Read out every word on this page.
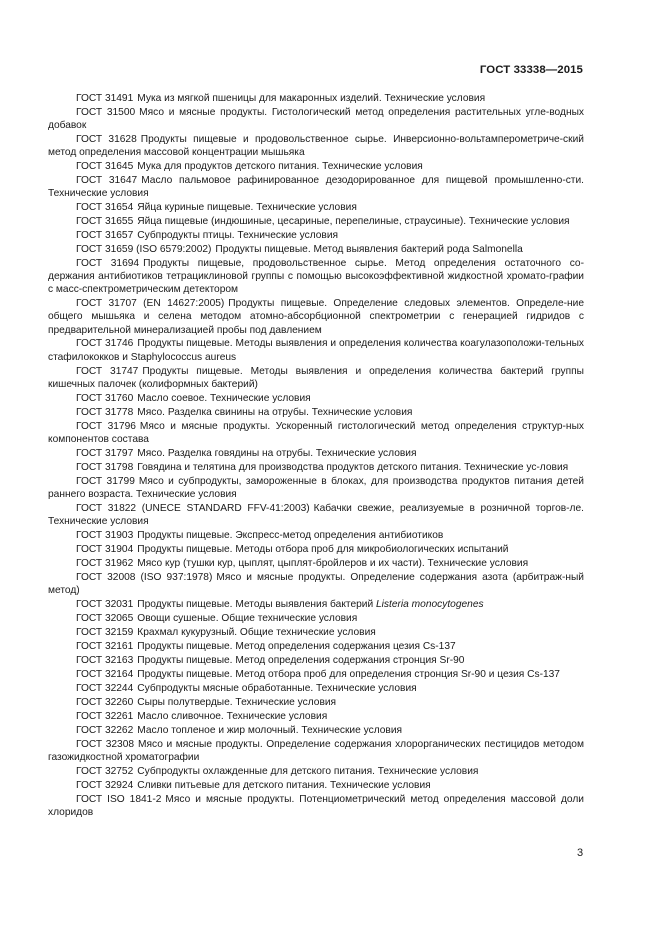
ГОСТ 33338—2015

ГОСТ 31491 Мука из мягкой пшеницы для макаронных изделий. Технические условия

ГОСТ 31500 Мясо и мясные продукты. Гистологический метод определения растительных угле-водных добавок

ГОСТ 31628 Продукты пищевые и продовольственное сырье. Инверсионно-вольтамперометриче-ский метод определения массовой концентрации мышьяка

ГОСТ 31645 Мука для продуктов детского питания. Технические условия

ГОСТ 31647 Масло пальмовое рафинированное дезодорированное для пищевой промышленно-сти. Технические условия

ГОСТ 31654 Яйца куриные пищевые. Технические условия

ГОСТ 31655 Яйца пищевые (индюшиные, цесариные, перепелиные, страусиные). Технические условия

ГОСТ 31657 Субпродукты птицы. Технические условия

ГОСТ 31659 (ISO 6579:2002) Продукты пищевые. Метод выявления бактерий рода Salmonella

ГОСТ 31694 Продукты пищевые, продовольственное сырье. Метод определения остаточного со-держания антибиотиков тетрациклиновой группы с помощью высокоэффективной жидкостной хромато-графии с масс-спектрометрическим детектором

ГОСТ 31707 (EN 14627:2005) Продукты пищевые. Определение следовых элементов. Определе-ние общего мышьяка и селена методом атомно-абсорбционной спектрометрии с генерацией гидридов с предварительной минерализацией пробы под давлением

ГОСТ 31746 Продукты пищевые. Методы выявления и определения количества коагулазоположи-тельных стафилококков и Staphylococcus aureus

ГОСТ 31747 Продукты пищевые. Методы выявления и определения количества бактерий группы кишечных палочек (колиформных бактерий)

ГОСТ 31760 Масло соевое. Технические условия

ГОСТ 31778 Мясо. Разделка свинины на отрубы. Технические условия

ГОСТ 31796 Мясо и мясные продукты. Ускоренный гистологический метод определения структур-ных компонентов состава

ГОСТ 31797 Мясо. Разделка говядины на отрубы. Технические условия

ГОСТ 31798 Говядина и телятина для производства продуктов детского питания. Технические ус-ловия

ГОСТ 31799 Мясо и субпродукты, замороженные в блоках, для производства продуктов питания детей раннего возраста. Технические условия

ГОСТ 31822 (UNECE STANDARD FFV-41:2003) Кабачки свежие, реализуемые в розничной торгов-ле. Технические условия

ГОСТ 31903 Продукты пищевые. Экспресс-метод определения антибиотиков

ГОСТ 31904 Продукты пищевые. Методы отбора проб для микробиологических испытаний

ГОСТ 31962 Мясо кур (тушки кур, цыплят, цыплят-бройлеров и их части). Технические условия

ГОСТ 32008 (ISO 937:1978) Мясо и мясные продукты. Определение содержания азота (арбитраж-ный метод)

ГОСТ 32031 Продукты пищевые. Методы выявления бактерий Listeria monocytogenes

ГОСТ 32065 Овощи сушеные. Общие технические условия

ГОСТ 32159 Крахмал кукурузный. Общие технические условия

ГОСТ 32161 Продукты пищевые. Метод определения содержания цезия Cs-137

ГОСТ 32163 Продукты пищевые. Метод определения содержания стронция Sr-90

ГОСТ 32164 Продукты пищевые. Метод отбора проб для определения стронция Sr-90 и цезия Cs-137

ГОСТ 32244 Субпродукты мясные обработанные. Технические условия

ГОСТ 32260 Сыры полутвердые. Технические условия

ГОСТ 32261 Масло сливочное. Технические условия

ГОСТ 32262 Масло топленое и жир молочный. Технические условия

ГОСТ 32308 Мясо и мясные продукты. Определение содержания хлорорганических пестицидов методом газожидкостной хроматографии

ГОСТ 32752 Субпродукты охлажденные для детского питания. Технические условия

ГОСТ 32924 Сливки питьевые для детского питания. Технические условия

ГОСТ ISO 1841-2 Мясо и мясные продукты. Потенциометрический метод определения массовой доли хлоридов

3
